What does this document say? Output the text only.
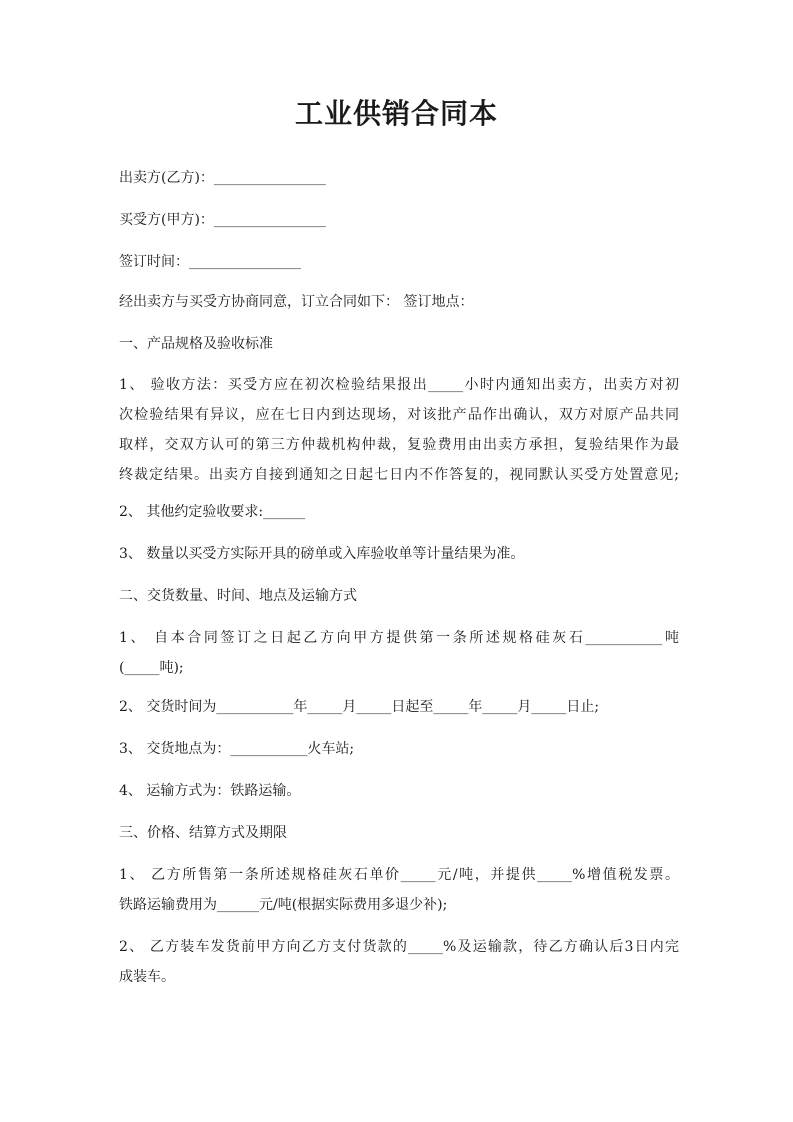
工业供销合同本
出卖方(乙方)：________________
买受方(甲方)：________________
签订时间：________________
经出卖方与买受方协商同意，订立合同如下： 签订地点：
一、产品规格及验收标准
1、 验收方法：买受方应在初次检验结果报出_____小时内通知出卖方，出卖方对初
次检验结果有异议，应在七日内到达现场，对该批产品作出确认，双方对原产品共同
取样，交双方认可的第三方仲裁机构仲裁，复验费用由出卖方承担，复验结果作为最
终裁定结果。出卖方自接到通知之日起七日内不作答复的，视同默认买受方处置意见;
2、 其他约定验收要求:______
3、 数量以买受方实际开具的磅单或入库验收单等计量结果为准。
二、交货数量、时间、地点及运输方式
1、 自本合同签订之日起乙方向甲方提供第一条所述规格硅灰石___________吨
(_____吨);
2、 交货时间为___________年_____月_____日起至_____年_____月_____日止;
3、 交货地点为：___________火车站;
4、 运输方式为：铁路运输。
三、价格、结算方式及期限
1、 乙方所售第一条所述规格硅灰石单价_____元/吨，并提供_____%增值税发票。
铁路运输费用为______元/吨(根据实际费用多退少补);
2、 乙方装车发货前甲方向乙方支付货款的_____%及运输款，待乙方确认后3日内完
成装车。
